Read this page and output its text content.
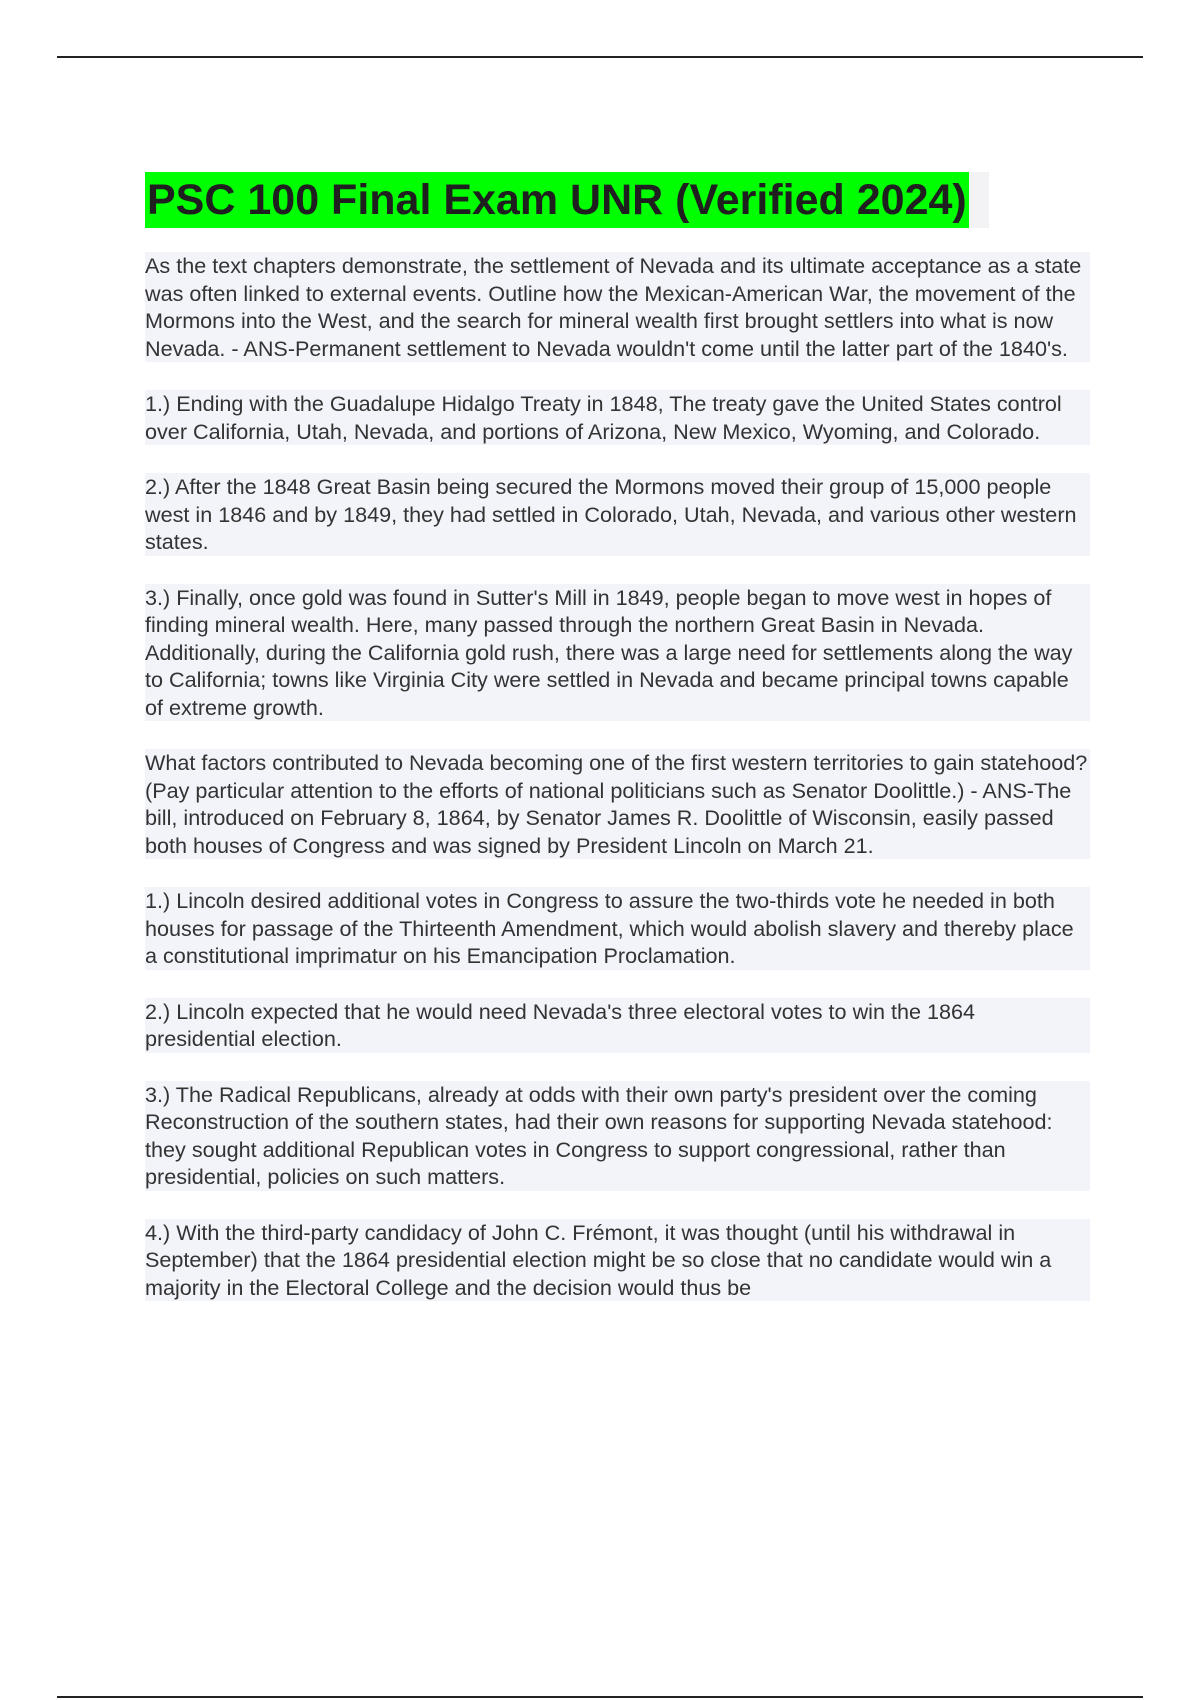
PSC 100 Final Exam UNR (Verified 2024)

As the text chapters demonstrate, the settlement of Nevada and its ultimate acceptance as a state was often linked to external events. Outline how the Mexican-American War, the movement of the Mormons into the West, and the search for mineral wealth first brought settlers into what is now Nevada. - ANS-Permanent settlement to Nevada wouldn't come until the latter part of the 1840's.

1.) Ending with the Guadalupe Hidalgo Treaty in 1848, The treaty gave the United States control over California, Utah, Nevada, and portions of Arizona, New Mexico, Wyoming, and Colorado.

2.) After the 1848 Great Basin being secured the Mormons moved their group of 15,000 people west in 1846 and by 1849, they had settled in Colorado, Utah, Nevada, and various other western states.

3.) Finally, once gold was found in Sutter's Mill in 1849, people began to move west in hopes of finding mineral wealth. Here, many passed through the northern Great Basin in Nevada. Additionally, during the California gold rush, there was a large need for settlements along the way to California; towns like Virginia City were settled in Nevada and became principal towns capable of extreme growth.

What factors contributed to Nevada becoming one of the first western territories to gain statehood? (Pay particular attention to the efforts of national politicians such as Senator Doolittle.) - ANS-The bill, introduced on February 8, 1864, by Senator James R. Doolittle of Wisconsin, easily passed both houses of Congress and was signed by President Lincoln on March 21.

1.) Lincoln desired additional votes in Congress to assure the two-thirds vote he needed in both houses for passage of the Thirteenth Amendment, which would abolish slavery and thereby place a constitutional imprimatur on his Emancipation Proclamation.

2.) Lincoln expected that he would need Nevada's three electoral votes to win the 1864 presidential election.

3.) The Radical Republicans, already at odds with their own party's president over the coming Reconstruction of the southern states, had their own reasons for supporting Nevada statehood: they sought additional Republican votes in Congress to support congressional, rather than presidential, policies on such matters.

4.) With the third-party candidacy of John C. Frémont, it was thought (until his withdrawal in September) that the 1864 presidential election might be so close that no candidate would win a majority in the Electoral College and the decision would thus be
